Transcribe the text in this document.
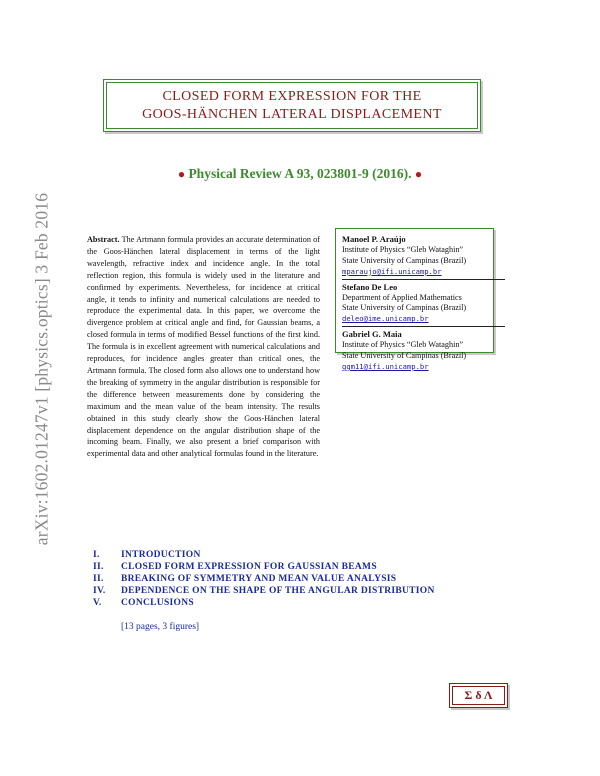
arXiv:1602.01247v1 [physics.optics] 3 Feb 2016
CLOSED FORM EXPRESSION FOR THE
GOOS-HÄNCHEN LATERAL DISPLACEMENT
● Physical Review A 93, 023801-9 (2016). ●
Abstract. The Artmann formula provides an accurate determination of the Goos-Hänchen lateral displacement in terms of the light wavelength, refractive index and incidence angle. In the total reflection region, this formula is widely used in the literature and confirmed by experiments. Nevertheless, for incidence at critical angle, it tends to infinity and numerical calculations are needed to reproduce the experimental data. In this paper, we overcome the divergence problem at critical angle and find, for Gaussian beams, a closed formula in terms of modified Bessel functions of the first kind. The formula is in excellent agreement with numerical calculations and reproduces, for incidence angles greater than critical ones, the Artmann formula. The closed form also allows one to understand how the breaking of symmetry in the angular distribution is responsible for the difference between measurements done by considering the maximum and the mean value of the beam intensity. The results obtained in this study clearly show the Goos-Hänchen lateral displacement dependence on the angular distribution shape of the incoming beam. Finally, we also present a brief comparison with experimental data and other analytical formulas found in the literature.
Manoel P. Araújo
Institute of Physics “Gleb Wataghin”
State University of Campinas (Brazil)
mparaujo@ifi.unicamp.br
Stefano De Leo
Department of Applied Mathematics
State University of Campinas (Brazil)
deleo@ime.unicamp.br
Gabriel G. Maia
Institute of Physics “Gleb Wataghin”
State University of Campinas (Brazil)
ggm11@ifi.unicamp.br
I.	INTRODUCTION
II.	CLOSED FORM EXPRESSION FOR GAUSSIAN BEAMS
II.	BREAKING OF SYMMETRY AND MEAN VALUE ANALYSIS
IV.	DEPENDENCE ON THE SHAPE OF THE ANGULAR DISTRIBUTION
V.	CONCLUSIONS
[13 pages, 3 figures]
Σ δ Λ
